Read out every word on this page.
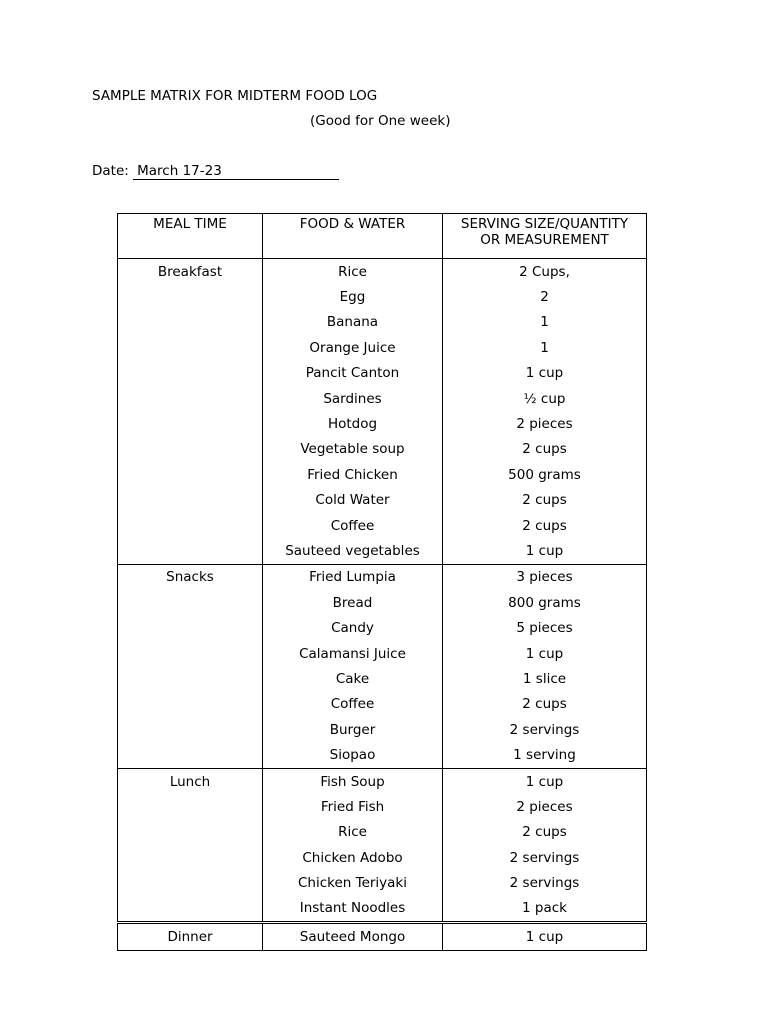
SAMPLE MATRIX FOR MIDTERM FOOD LOG
(Good for One week)
Date: March 17-23
MEAL TIME	FOOD & WATER	SERVING SIZE/QUANTITY OR MEASUREMENT
Breakfast	Rice	2 Cups,
	Egg	2
	Banana	1
	Orange Juice	1
	Pancit Canton	1 cup
	Sardines	½ cup
	Hotdog	2 pieces
	Vegetable soup	2 cups
	Fried Chicken	500 grams
	Cold Water	2 cups
	Coffee	2 cups
	Sauteed vegetables	1 cup
Snacks	Fried Lumpia	3 pieces
	Bread	800 grams
	Candy	5 pieces
	Calamansi Juice	1 cup
	Cake	1 slice
	Coffee	2 cups
	Burger	2 servings
	Siopao	1 serving
Lunch	Fish Soup	1 cup
	Fried Fish	2 pieces
	Rice	2 cups
	Chicken Adobo	2 servings
	Chicken Teriyaki	2 servings
	Instant Noodles	1 pack
Dinner	Sauteed Mongo	1 cup
